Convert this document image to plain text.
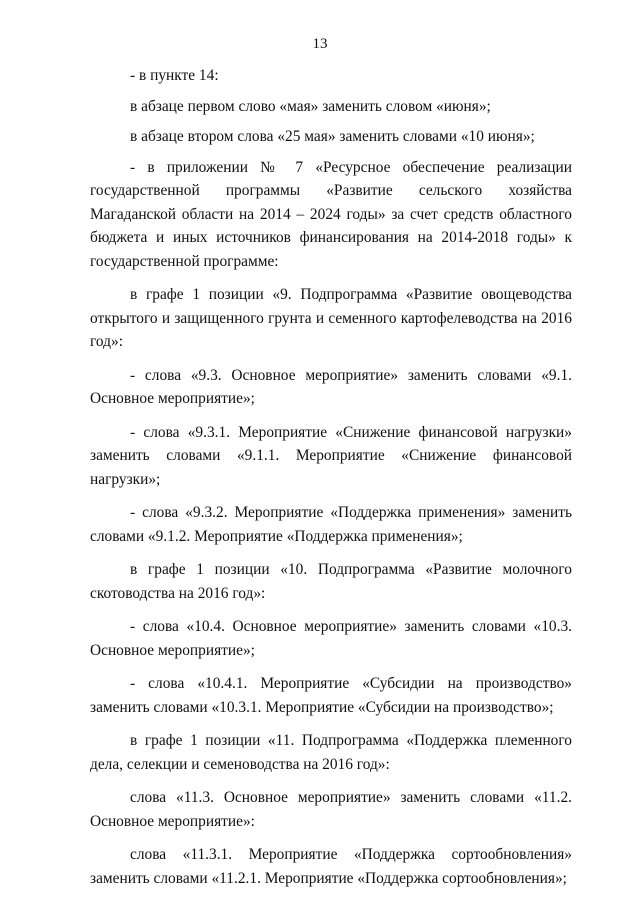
13

- в пункте 14:

в абзаце первом слово «мая» заменить словом «июня»;

в абзаце втором слова «25 мая» заменить словами «10 июня»;

- в приложении № 7 «Ресурсное обеспечение реализации государственной программы «Развитие сельского хозяйства Магаданской области на 2014 – 2024 годы» за счет средств областного бюджета и иных источников финансирования на 2014-2018 годы» к государственной программе:

в графе 1 позиции «9. Подпрограмма «Развитие овощеводства открытого и защищенного грунта и семенного картофелеводства на 2016 год»:

- слова «9.3. Основное мероприятие» заменить словами «9.1. Основное мероприятие»;

- слова «9.3.1. Мероприятие «Снижение финансовой нагрузки» заменить словами «9.1.1. Мероприятие «Снижение финансовой нагрузки»;

- слова «9.3.2. Мероприятие «Поддержка применения» заменить словами «9.1.2. Мероприятие «Поддержка применения»;

в графе 1 позиции «10. Подпрограмма «Развитие молочного скотоводства на 2016 год»:

- слова «10.4. Основное мероприятие» заменить словами «10.3. Основное мероприятие»;

- слова «10.4.1. Мероприятие «Субсидии на производство» заменить словами «10.3.1. Мероприятие «Субсидии на производство»;

в графе 1 позиции «11. Подпрограмма «Поддержка племенного дела, селекции и семеноводства на 2016 год»:

слова «11.3. Основное мероприятие» заменить словами «11.2. Основное мероприятие»:

слова «11.3.1. Мероприятие «Поддержка сортообновления» заменить словами «11.2.1. Мероприятие «Поддержка сортообновления»;
